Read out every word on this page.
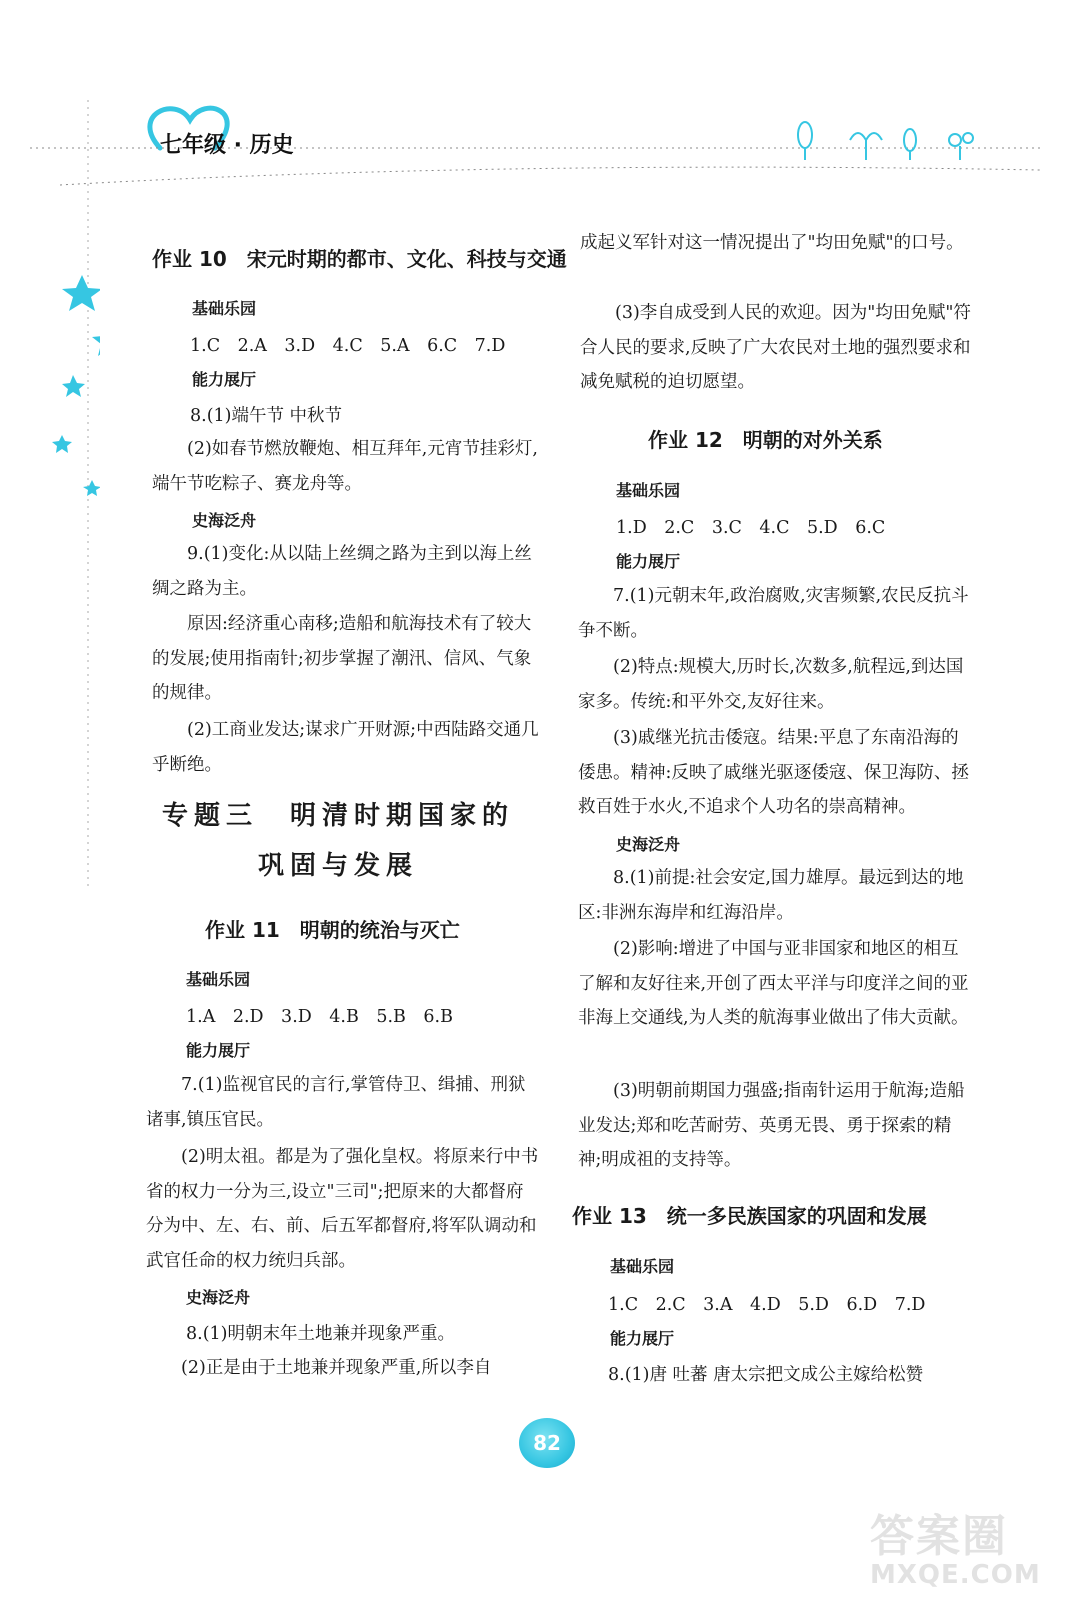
七年级 · 历史
作业 10　宋元时期的都市、文化、科技与交通
基础乐园
1.C　2.A　3.D　4.C　5.A　6.C　7.D
能力展厅
8.(1)端午节 中秋节
(2)如春节燃放鞭炮、相互拜年,元宵节挂彩灯,端午节吃粽子、赛龙舟等。
史海泛舟
9.(1)变化:从以陆上丝绸之路为主到以海上丝绸之路为主。
原因:经济重心南移;造船和航海技术有了较大的发展;使用指南针;初步掌握了潮汛、信风、气象的规律。
(2)工商业发达;谋求广开财源;中西陆路交通几乎断绝。
专题三　明清时期国家的
巩固与发展
作业 11　明朝的统治与灭亡
基础乐园
1.A　2.D　3.D　4.B　5.B　6.B
能力展厅
7.(1)监视官民的言行,掌管侍卫、缉捕、刑狱诸事,镇压官民。
(2)明太祖。都是为了强化皇权。将原来行中书省的权力一分为三,设立"三司";把原来的大都督府分为中、左、右、前、后五军都督府,将军队调动和武官任命的权力统归兵部。
史海泛舟
8.(1)明朝末年土地兼并现象严重。
(2)正是由于土地兼并现象严重,所以李自
成起义军针对这一情况提出了"均田免赋"的口号。
(3)李自成受到人民的欢迎。因为"均田免赋"符合人民的要求,反映了广大农民对土地的强烈要求和减免赋税的迫切愿望。
作业 12　明朝的对外关系
基础乐园
1.D　2.C　3.C　4.C　5.D　6.C
能力展厅
7.(1)元朝末年,政治腐败,灾害频繁,农民反抗斗争不断。
(2)特点:规模大,历时长,次数多,航程远,到达国家多。传统:和平外交,友好往来。
(3)戚继光抗击倭寇。结果:平息了东南沿海的倭患。精神:反映了戚继光驱逐倭寇、保卫海防、拯救百姓于水火,不追求个人功名的崇高精神。
史海泛舟
8.(1)前提:社会安定,国力雄厚。最远到达的地区:非洲东海岸和红海沿岸。
(2)影响:增进了中国与亚非国家和地区的相互了解和友好往来,开创了西太平洋与印度洋之间的亚非海上交通线,为人类的航海事业做出了伟大贡献。
(3)明朝前期国力强盛;指南针运用于航海;造船业发达;郑和吃苦耐劳、英勇无畏、勇于探索的精神;明成祖的支持等。
作业 13　统一多民族国家的巩固和发展
基础乐园
1.C　2.C　3.A　4.D　5.D　6.D　7.D
能力展厅
8.(1)唐 吐蕃 唐太宗把文成公主嫁给松赞
82
答案圈
MXQE.COM
